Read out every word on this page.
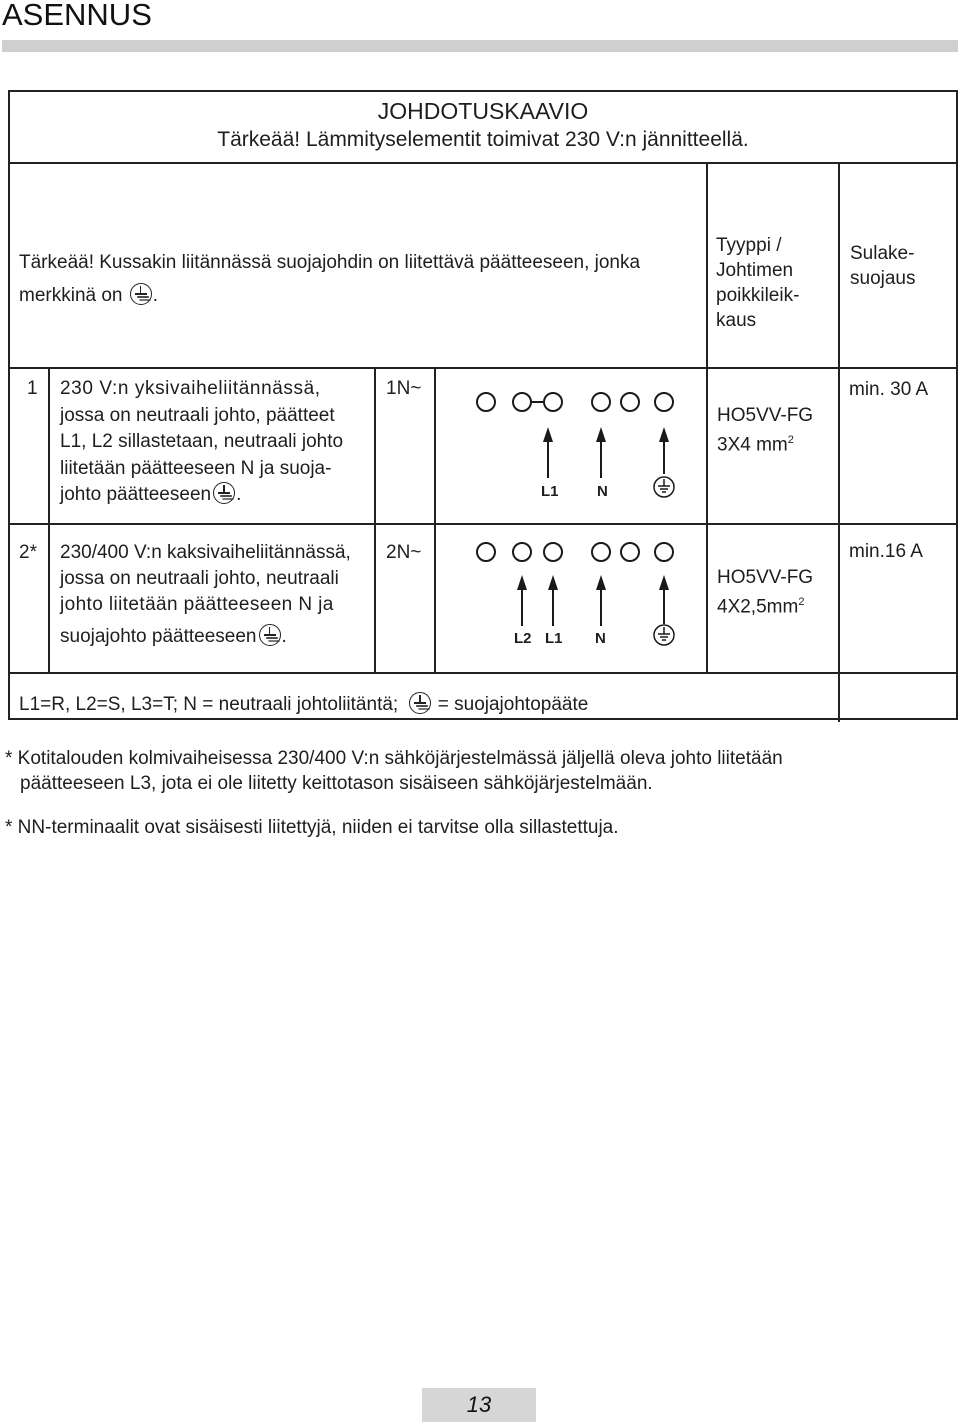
ASENNUS
JOHDOTUSKAAVIO
Tärkeää! Lämmityselementit toimivat 230 V:n jännitteellä.
Tärkeää! Kussakin liitännässä suojajohdin on liitettävä päätteeseen, jonka
merkkinä on .
Tyyppi /
Johtimen
poikkileik-
kaus
Sulake-
suojaus
1 230 V:n yksivaiheliitännässä,
jossa on neutraali johto, päätteet
L1, L2 sillastetaan, neutraali johto
liitetään päätteeseen N ja suoja-
johto päätteeseen .
1N~
L1	N
HO5VV-FG
3X4 $mm^2$
min. 30 A
2* 230/400 V:n kaksivaiheliitännässä,
jossa on neutraali johto, neutraali
johto liitetään päätteeseen N ja
suojajohto päätteeseen .
2N~
L2 L1 N
HO5VV-FG
$4X2,5mm^2$
min.16 A
L1=R, L2=S, L3=T; N = neutraali johtoliitäntä; = suojajohtopääte
* Kotitalouden kolmivaiheisessa 230/400 V:n sähköjärjestelmässä jäljellä oleva johto liitetään
päätteeseen L3, jota ei ole liitetty keittotason sisäiseen sähköjärjestelmään.
* NN-terminaalit ovat sisäisesti liitettyjä, niiden ei tarvitse olla sillastettuja.
13
